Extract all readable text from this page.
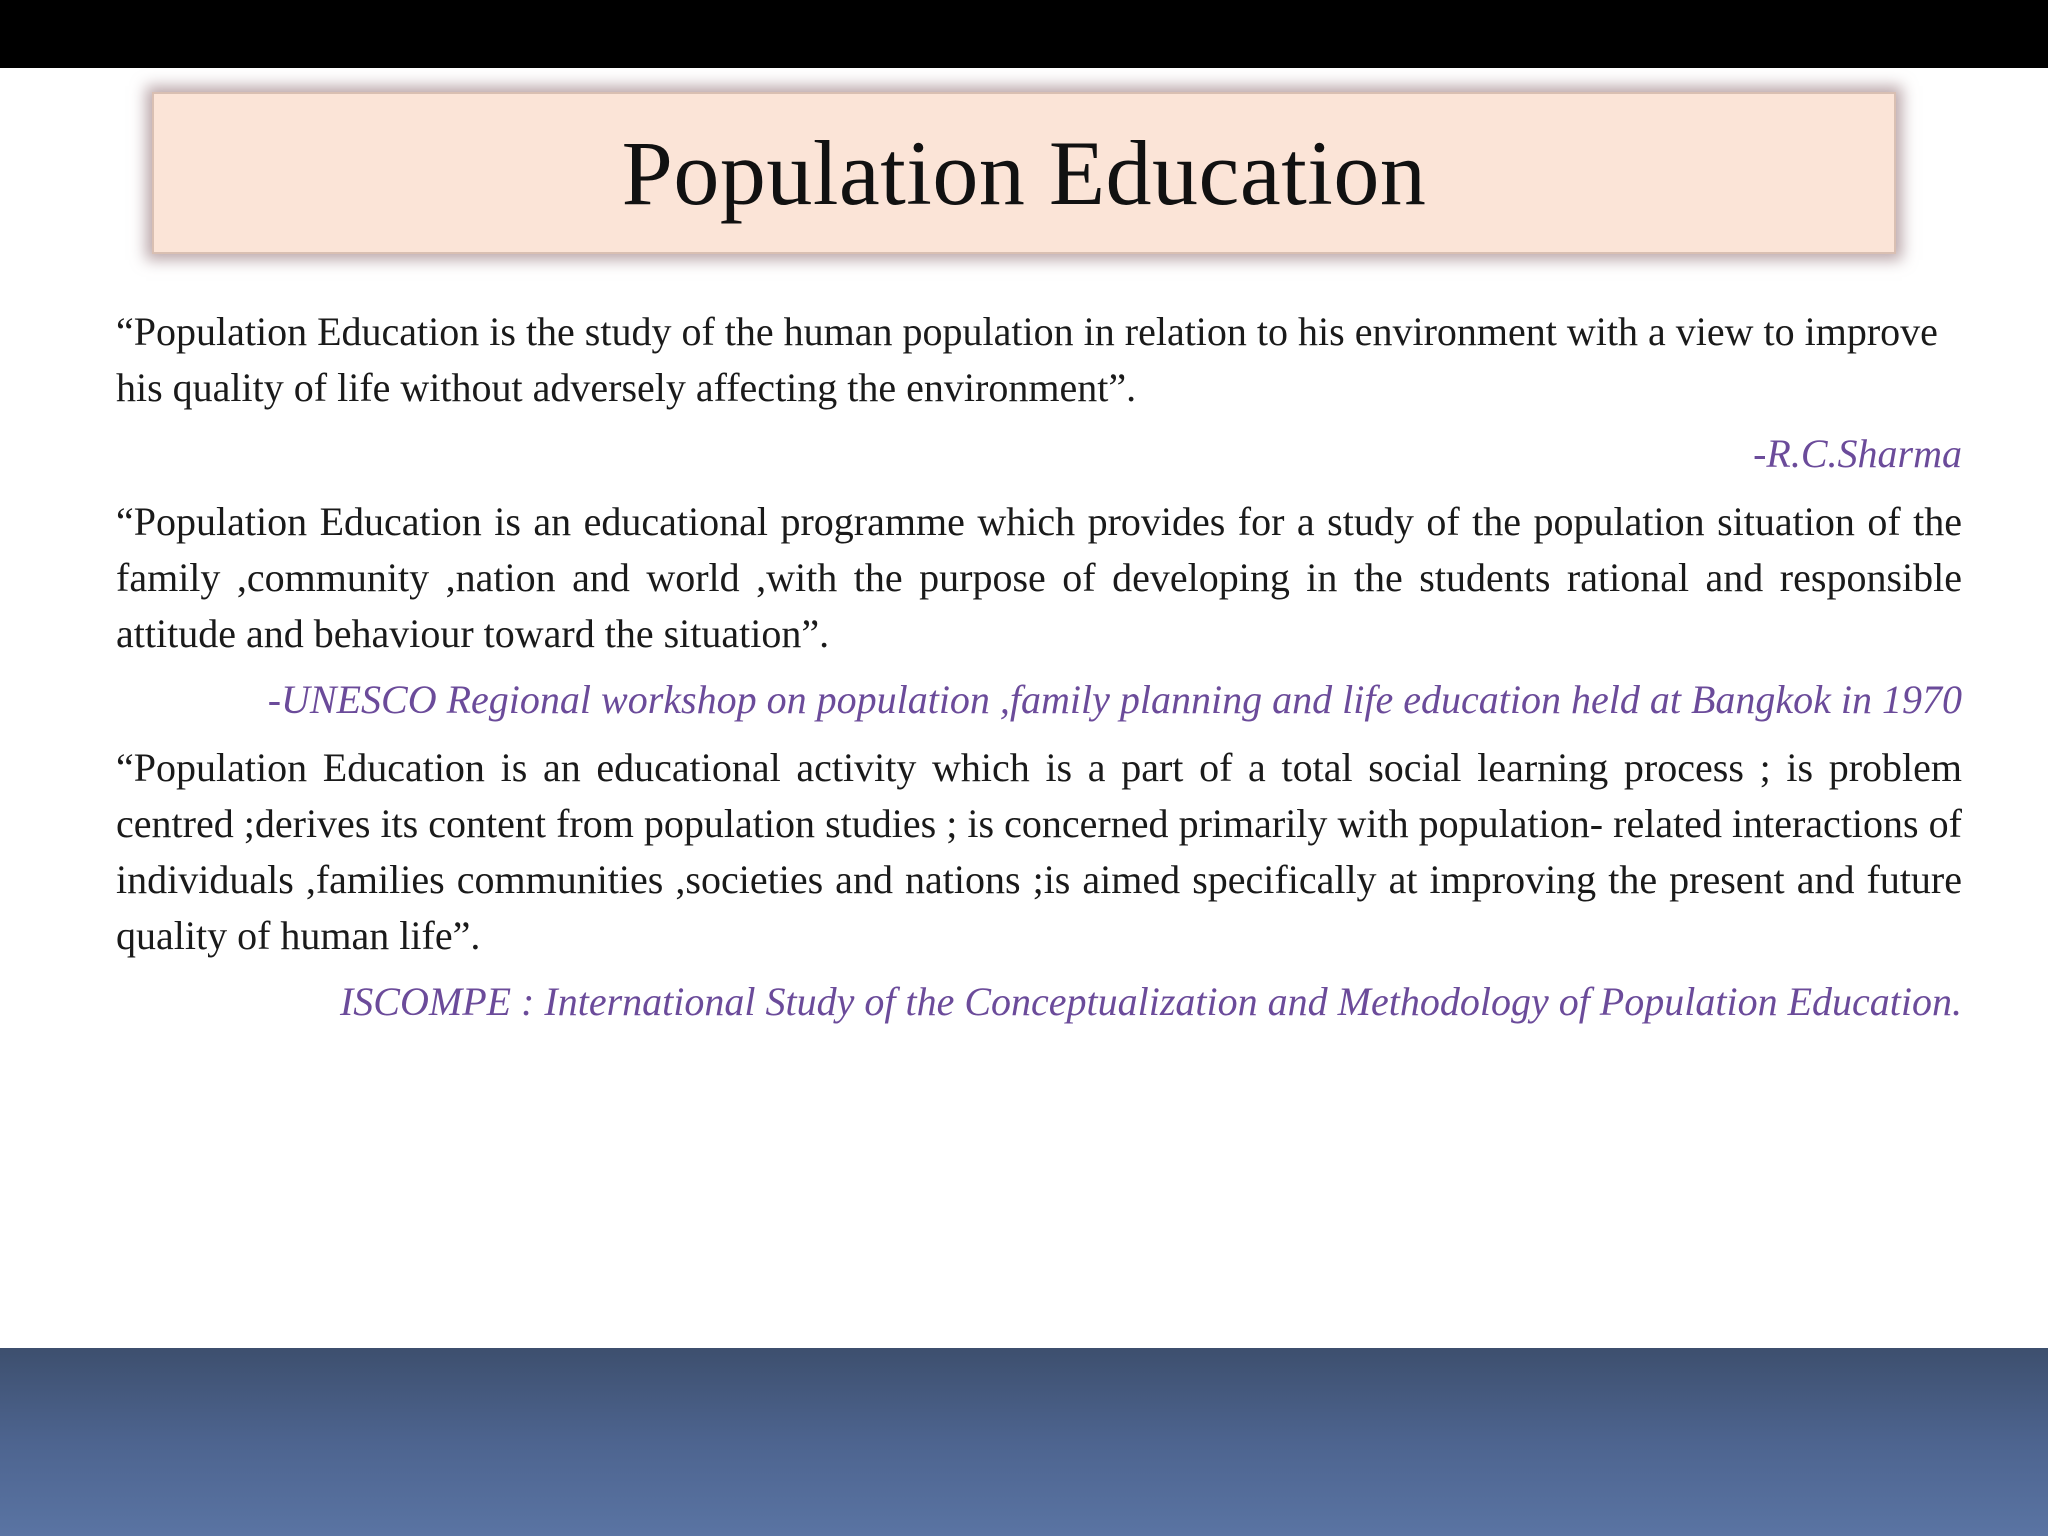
Population Education

“Population Education is the study of the human population in relation to his environment with a view to improve his quality of life without adversely affecting the environment”.

-R.C.Sharma

“Population Education is an educational programme which provides for a study of the population situation of the family ,community ,nation and world ,with the purpose of developing in the students rational and responsible attitude and behaviour toward the situation”.

-UNESCO Regional workshop on population ,family planning and life education held at Bangkok in 1970

“Population Education is an educational activity which is a part of a total social learning process ; is problem centred ;derives its content from population studies ; is concerned primarily with population- related interactions of individuals ,families communities ,societies and nations ;is aimed specifically at improving the present and future quality of human life”.

ISCOMPE : International Study of the Conceptualization and Methodology of Population Education.
